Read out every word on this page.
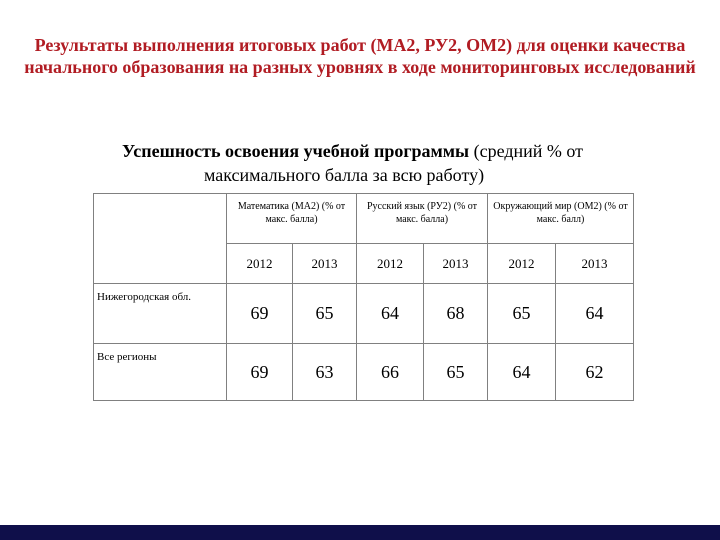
Результаты выполнения итоговых работ (МА2, РУ2, ОМ2) для оценки качества начального образования на разных уровнях в ходе мониторинговых исследований
Успешность освоения учебной программы (средний % от
максимального балла за всю работу)
	Математика (МА2) (% от макс. балла)		Русский язык (РУ2) (% от макс. балла)		Окружающий мир (ОМ2) (% от макс. балл)	
	2012	2013	2012	2013	2012	2013
Нижегородская обл.	69	65	64	68	65	64
Все регионы	69	63	66	65	64	62
